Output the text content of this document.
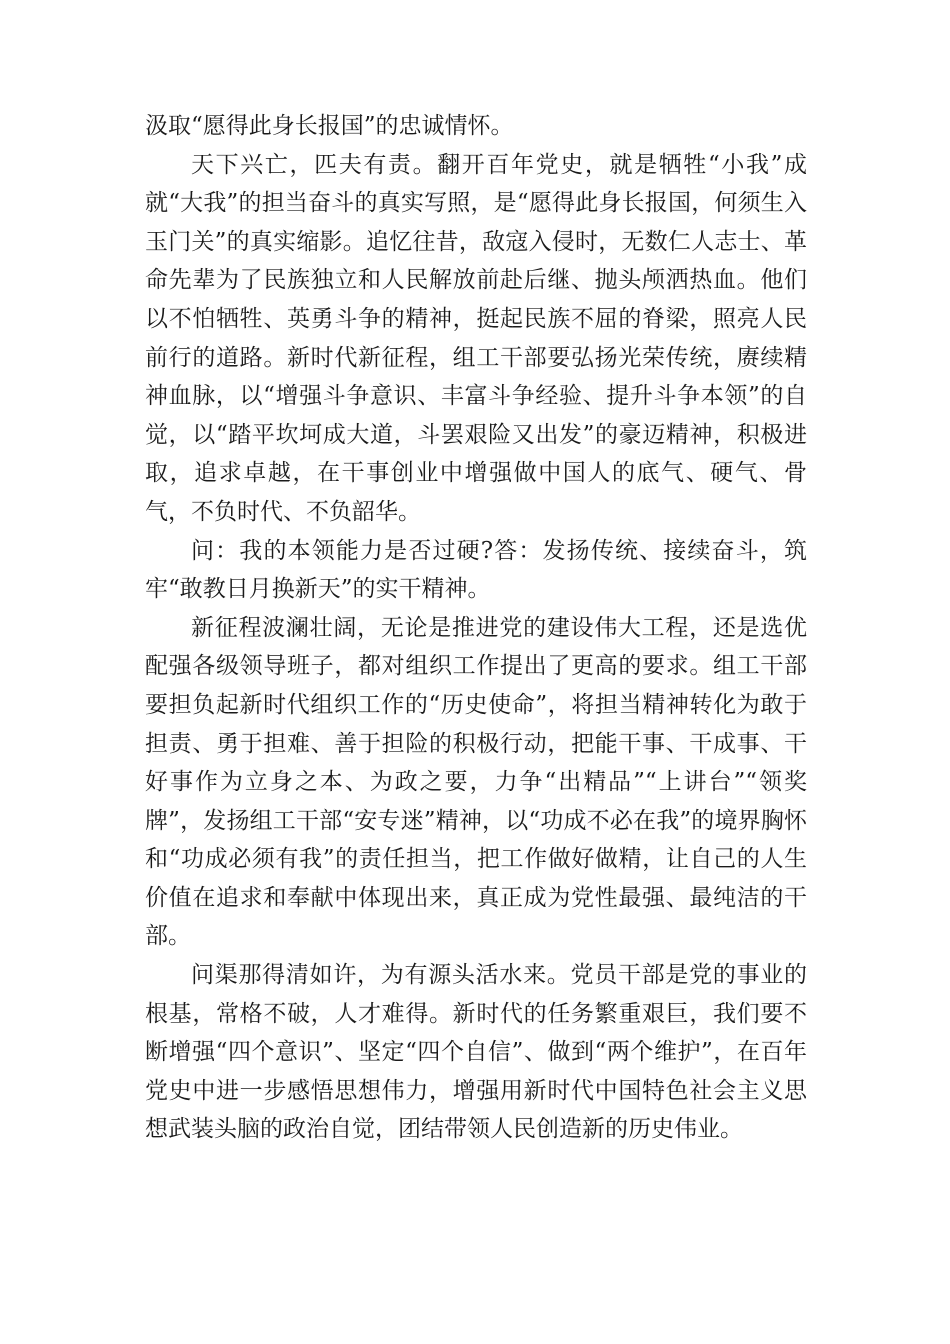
汲取“愿得此身长报国”的忠诚情怀。

天下兴亡，匹夫有责。翻开百年党史，就是牺牲“小我”成就“大我”的担当奋斗的真实写照，是“愿得此身长报国，何须生入玉门关”的真实缩影。追忆往昔，敌寇入侵时，无数仁人志士、革命先辈为了民族独立和人民解放前赴后继、抛头颅洒热血。他们以不怕牺牲、英勇斗争的精神，挺起民族不屈的脊梁，照亮人民前行的道路。新时代新征程，组工干部要弘扬光荣传统，赓续精神血脉，以“增强斗争意识、丰富斗争经验、提升斗争本领”的自觉，以“踏平坎坷成大道，斗罢艰险又出发”的豪迈精神，积极进取，追求卓越，在干事创业中增强做中国人的底气、硬气、骨气，不负时代、不负韶华。

问：我的本领能力是否过硬?答：发扬传统、接续奋斗，筑牢“敢教日月换新天”的实干精神。

新征程波澜壮阔，无论是推进党的建设伟大工程，还是选优配强各级领导班子，都对组织工作提出了更高的要求。组工干部要担负起新时代组织工作的“历史使命”，将担当精神转化为敢于担责、勇于担难、善于担险的积极行动，把能干事、干成事、干好事作为立身之本、为政之要，力争“出精品”“上讲台”“领奖牌”，发扬组工干部“安专迷”精神，以“功成不必在我”的境界胸怀和“功成必须有我”的责任担当，把工作做好做精，让自己的人生价值在追求和奉献中体现出来，真正成为党性最强、最纯洁的干部。

问渠那得清如许，为有源头活水来。党员干部是党的事业的根基，常格不破，人才难得。新时代的任务繁重艰巨，我们要不断增强“四个意识”、坚定“四个自信”、做到“两个维护”，在百年党史中进一步感悟思想伟力，增强用新时代中国特色社会主义思想武装头脑的政治自觉，团结带领人民创造新的历史伟业。
